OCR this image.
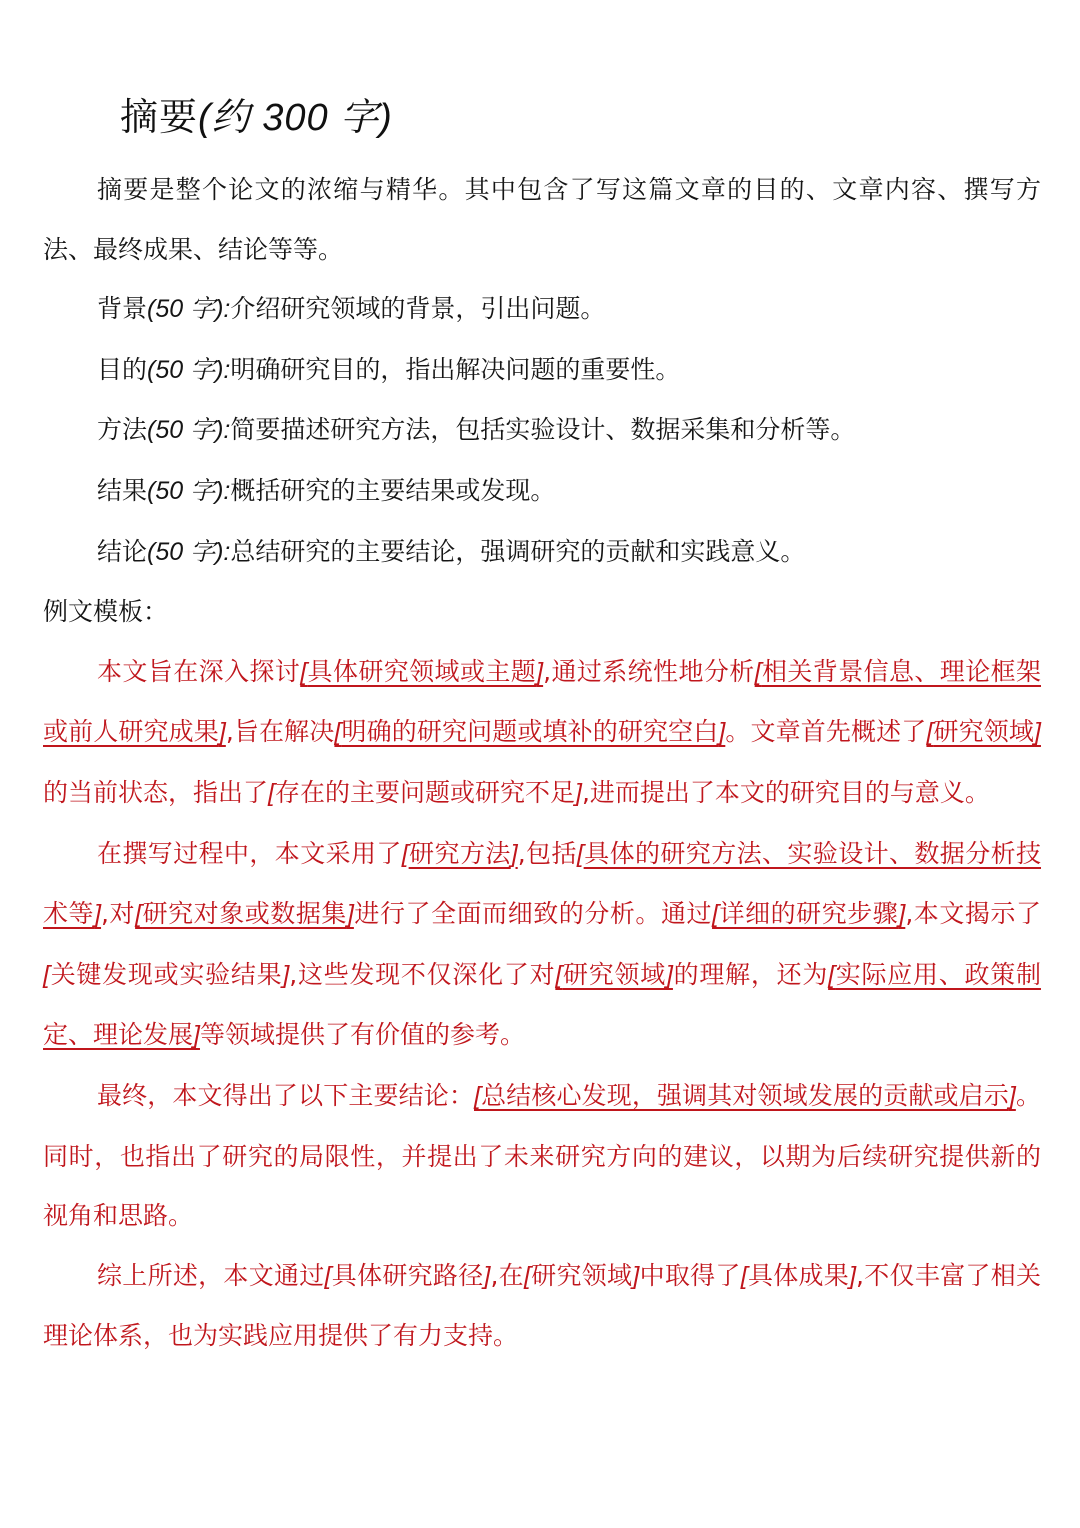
摘要(约 300 字)

摘要是整个论文的浓缩与精华。其中包含了写这篇文章的目的、文章内容、撰写方法、最终成果、结论等等。

背景(50 字):介绍研究领域的背景，引出问题。

目的(50 字):明确研究目的，指出解决问题的重要性。

方法(50 字):简要描述研究方法，包括实验设计、数据采集和分析等。

结果(50 字):概括研究的主要结果或发现。

结论(50 字):总结研究的主要结论，强调研究的贡献和实践意义。

例文模板：

本文旨在深入探讨[具体研究领域或主题],通过系统性地分析[相关背景信息、理论框架或前人研究成果],旨在解决[明确的研究问题或填补的研究空白]。文章首先概述了[研究领域]的当前状态，指出了[存在的主要问题或研究不足],进而提出了本文的研究目的与意义。

在撰写过程中，本文采用了[研究方法],包括[具体的研究方法、实验设计、数据分析技术等],对[研究对象或数据集]进行了全面而细致的分析。通过[详细的研究步骤],本文揭示了[关键发现或实验结果],这些发现不仅深化了对[研究领域]的理解，还为[实际应用、政策制定、理论发展]等领域提供了有价值的参考。

最终，本文得出了以下主要结论：[总结核心发现，强调其对领域发展的贡献或启示]。同时，也指出了研究的局限性，并提出了未来研究方向的建议，以期为后续研究提供新的视角和思路。

综上所述，本文通过[具体研究路径],在[研究领域]中取得了[具体成果],不仅丰富了相关理论体系，也为实践应用提供了有力支持。
